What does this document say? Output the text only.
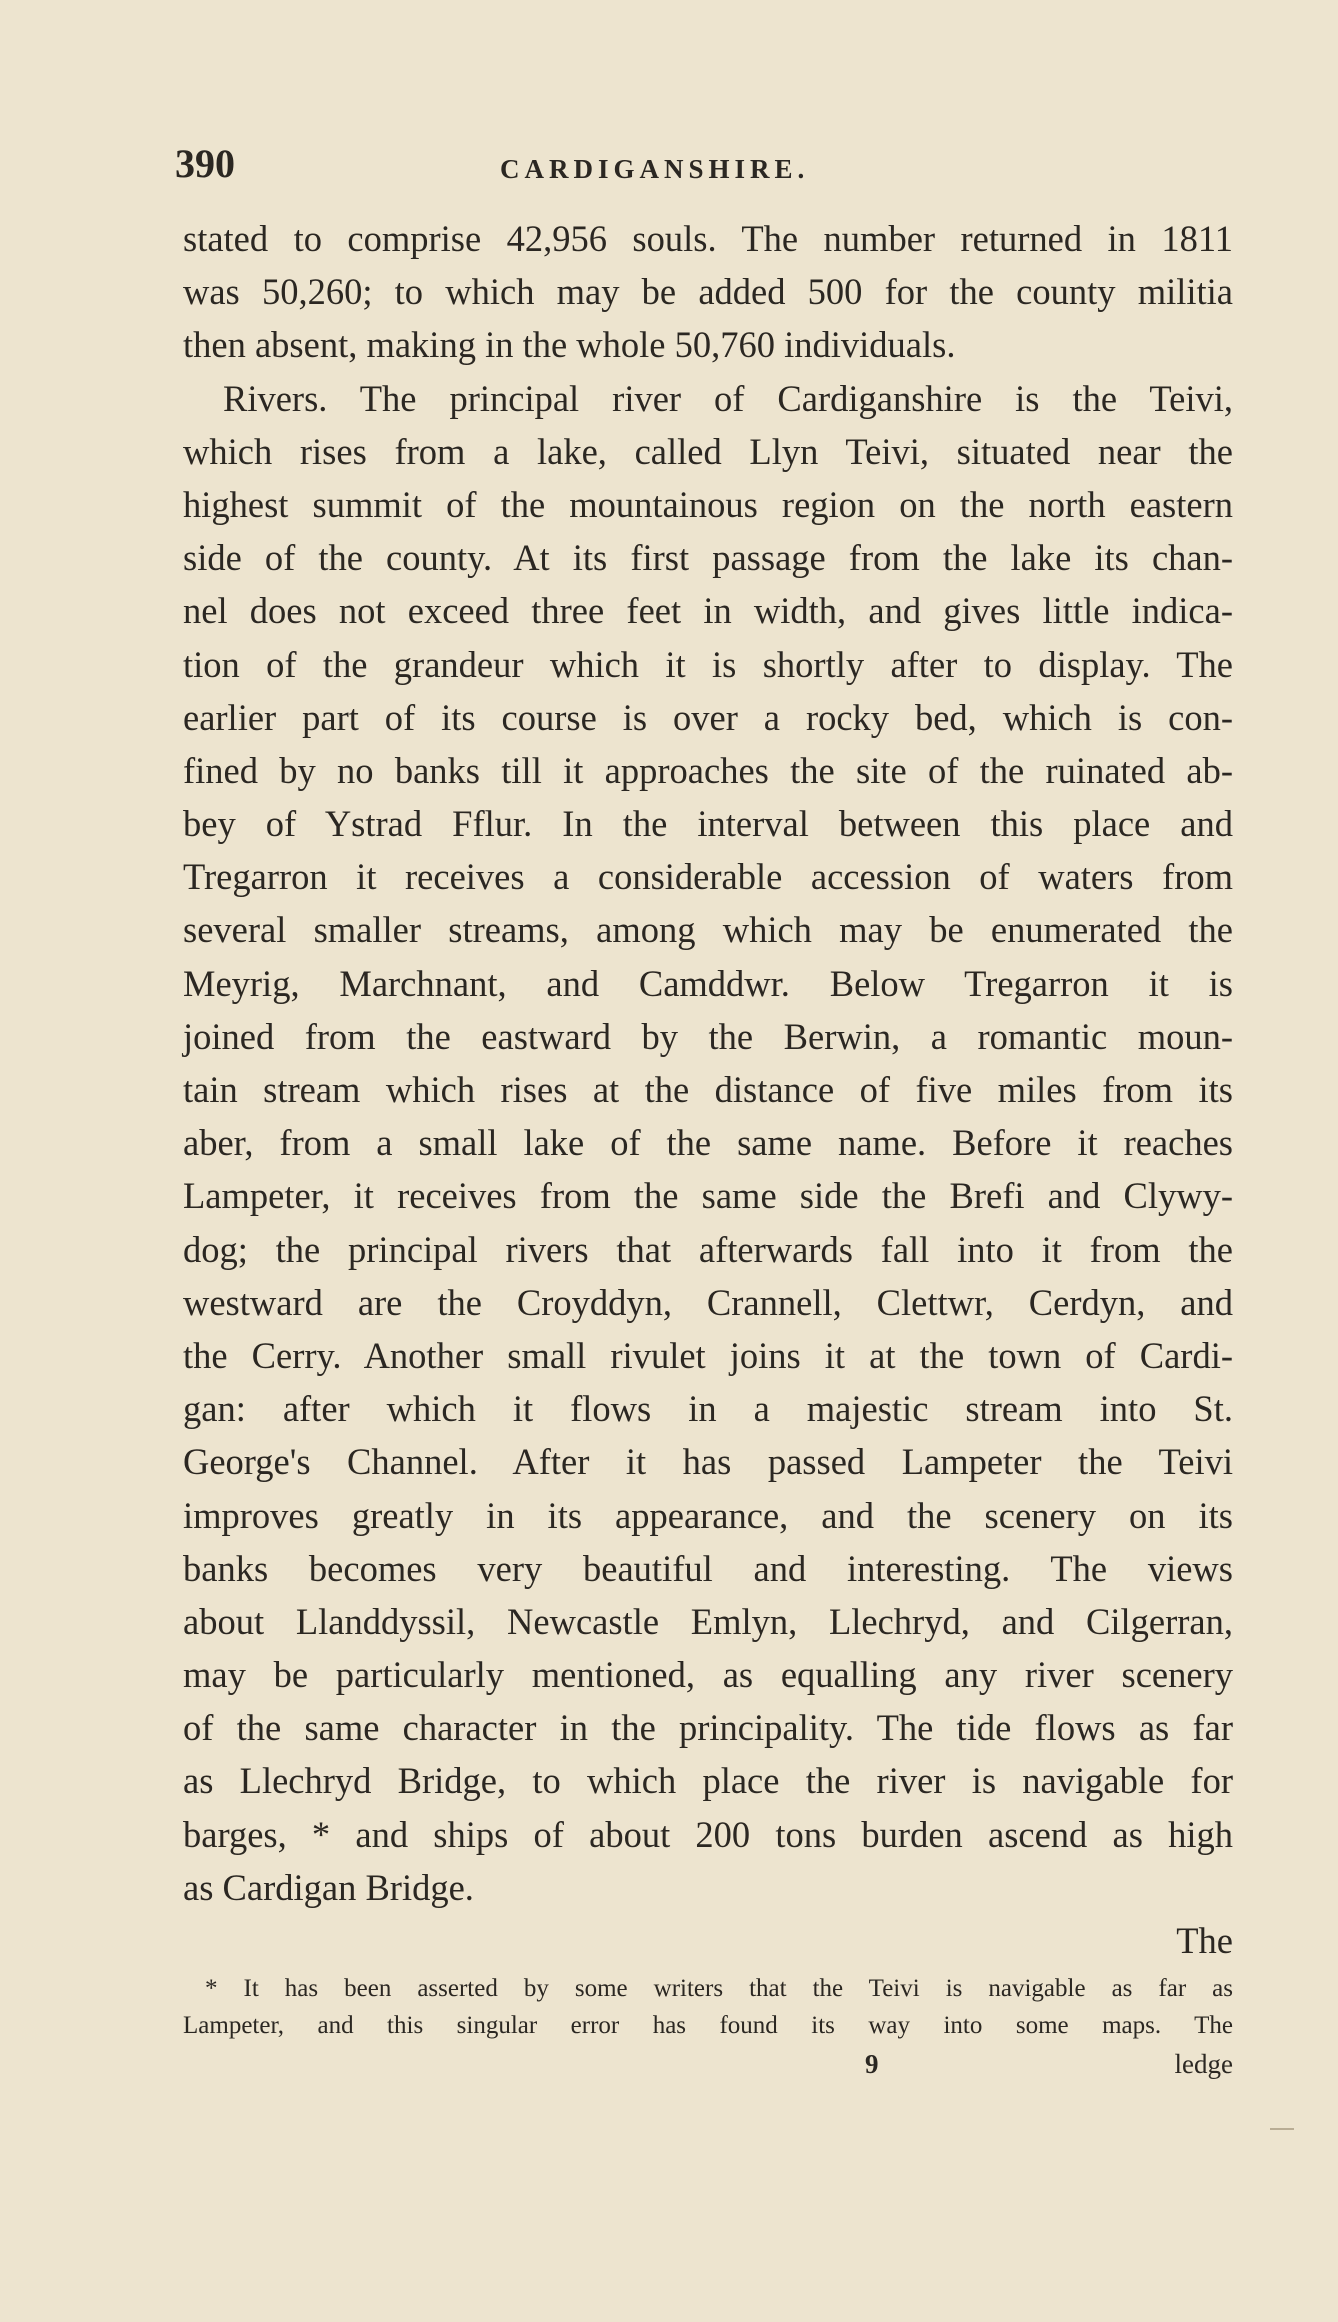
390	CARDIGANSHIRE.
stated to comprise 42,956 souls. The number returned in 1811
was 50,260; to which may be added 500 for the county militia
then absent, making in the whole 50,760 individuals.
Rivers. The principal river of Cardiganshire is the Teivi,
which rises from a lake, called Llyn Teivi, situated near the
highest summit of the mountainous region on the north eastern
side of the county. At its first passage from the lake its chan-
nel does not exceed three feet in width, and gives little indica-
tion of the grandeur which it is shortly after to display. The
earlier part of its course is over a rocky bed, which is con-
fined by no banks till it approaches the site of the ruinated ab-
bey of Ystrad Fflur. In the interval between this place and
Tregarron it receives a considerable accession of waters from
several smaller streams, among which may be enumerated the
Meyrig, Marchnant, and Camddwr. Below Tregarron it is
joined from the eastward by the Berwin, a romantic moun-
tain stream which rises at the distance of five miles from its
aber, from a small lake of the same name. Before it reaches
Lampeter, it receives from the same side the Brefi and Clywy-
dog; the principal rivers that afterwards fall into it from the
westward are the Croyddyn, Crannell, Clettwr, Cerdyn, and
the Cerry. Another small rivulet joins it at the town of Cardi-
gan: after which it flows in a majestic stream into St.
George's Channel. After it has passed Lampeter the Teivi
improves greatly in its appearance, and the scenery on its
banks becomes very beautiful and interesting. The views
about Llanddyssil, Newcastle Emlyn, Llechryd, and Cilgerran,
may be particularly mentioned, as equalling any river scenery
of the same character in the principality. The tide flows as far
as Llechryd Bridge, to which place the river is navigable for
barges, * and ships of about 200 tons burden ascend as high
as Cardigan Bridge.
The
* It has been asserted by some writers that the Teivi is navigable as far as
Lampeter, and this singular error has found its way into some maps. The
9	ledge
